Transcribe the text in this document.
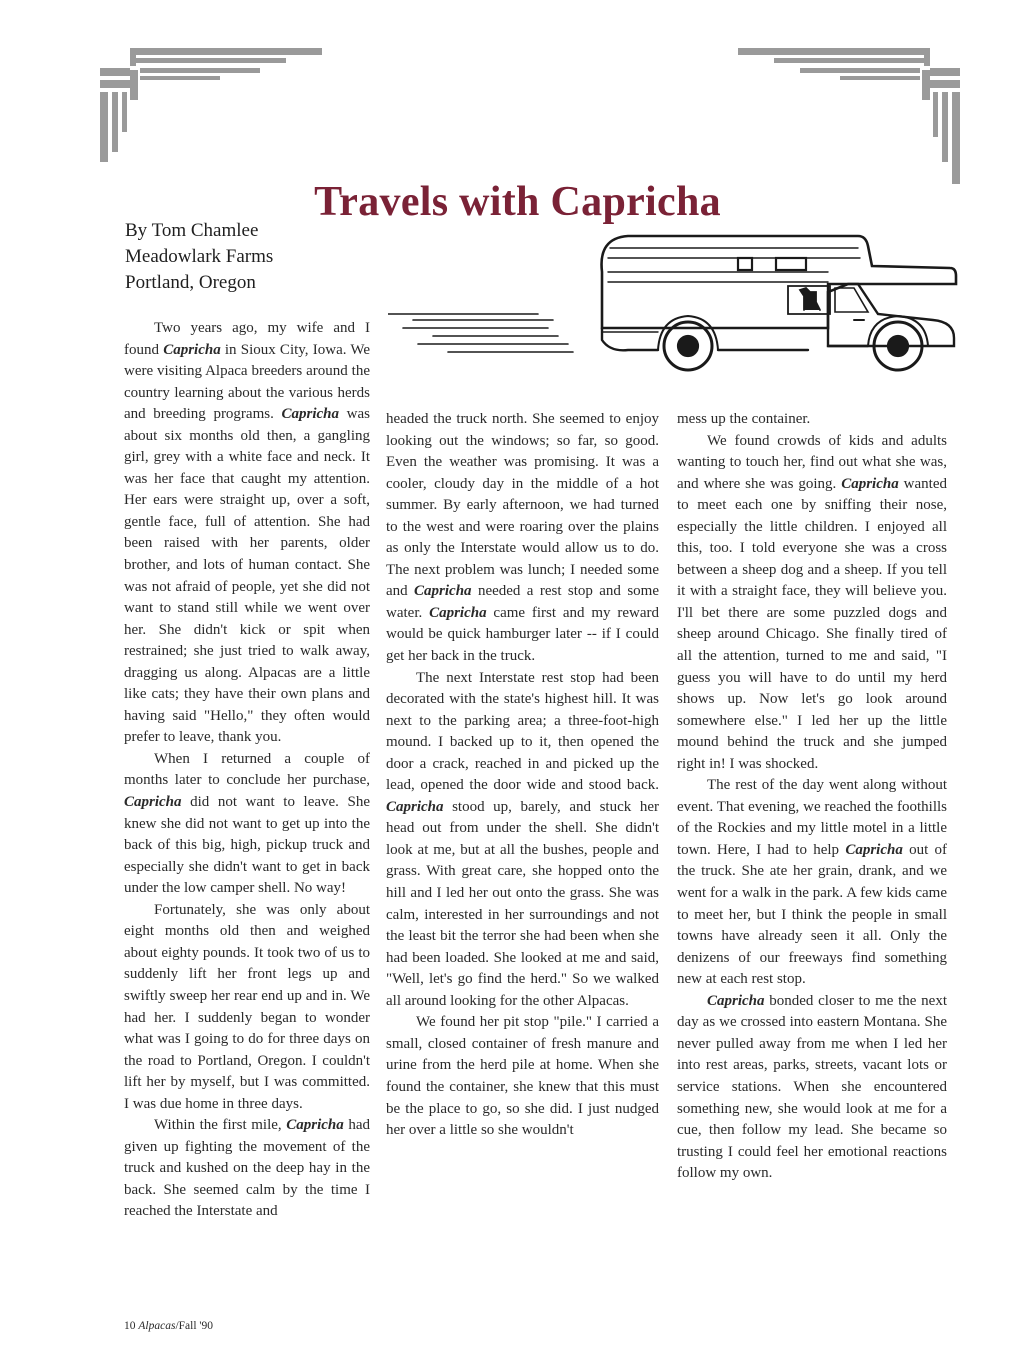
Travels with Capricha
By Tom Chamlee
Meadowlark Farms
Portland, Oregon

Two years ago, my wife and I found Capricha in Sioux City, Iowa. We were visiting Alpaca breeders around the country learning about the various herds and breeding programs. Capricha was about six months old then, a gangling girl, grey with a white face and neck. It was her face that caught my attention. Her ears were straight up, over a soft, gentle face, full of attention. She had been raised with her parents, older brother, and lots of human contact. She was not afraid of people, yet she did not want to stand still while we went over her. She didn't kick or spit when restrained; she just tried to walk away, dragging us along. Alpacas are a little like cats; they have their own plans and having said "Hello," they often would prefer to leave, thank you.

When I returned a couple of months later to conclude her purchase, Capricha did not want to leave. She knew she did not want to get up into the back of this big, high, pickup truck and especially she didn't want to get in back under the low camper shell. No way!

Fortunately, she was only about eight months old then and weighed about eighty pounds. It took two of us to suddenly lift her front legs up and swiftly sweep her rear end up and in. We had her. I suddenly began to wonder what was I going to do for three days on the road to Portland, Oregon. I couldn't lift her by myself, but I was committed. I was due home in three days.

Within the first mile, Capricha had given up fighting the movement of the truck and kushed on the deep hay in the back. She seemed calm by the time I reached the Interstate and

headed the truck north. She seemed to enjoy looking out the windows; so far, so good. Even the weather was promising. It was a cooler, cloudy day in the middle of a hot summer. By early afternoon, we had turned to the west and were roaring over the plains as only the Interstate would allow us to do. The next problem was lunch; I needed some and Capricha needed a rest stop and some water. Capricha came first and my reward would be quick hamburger later -- if I could get her back in the truck.

The next Interstate rest stop had been decorated with the state's highest hill. It was next to the parking area; a three-foot-high mound. I backed up to it, then opened the door a crack, reached in and picked up the lead, opened the door wide and stood back. Capricha stood up, barely, and stuck her head out from under the shell. She didn't look at me, but at all the bushes, people and grass. With great care, she hopped onto the hill and I led her out onto the grass. She was calm, interested in her surroundings and not the least bit the terror she had been when she had been loaded. She looked at me and said, "Well, let's go find the herd." So we walked all around looking for the other Alpacas.

We found her pit stop "pile." I carried a small, closed container of fresh manure and urine from the herd pile at home. When she found the container, she knew that this must be the place to go, so she did. I just nudged her over a little so she wouldn't

mess up the container.

We found crowds of kids and adults wanting to touch her, find out what she was, and where she was going. Capricha wanted to meet each one by sniffing their nose, especially the little children. I enjoyed all this, too. I told everyone she was a cross between a sheep dog and a sheep. If you tell it with a straight face, they will believe you. I'll bet there are some puzzled dogs and sheep around Chicago. She finally tired of all the attention, turned to me and said, "I guess you will have to do until my herd shows up. Now let's go look around somewhere else." I led her up the little mound behind the truck and she jumped right in! I was shocked.

The rest of the day went along without event. That evening, we reached the foothills of the Rockies and my little motel in a little town. Here, I had to help Capricha out of the truck. She ate her grain, drank, and we went for a walk in the park. A few kids came to meet her, but I think the people in small towns have already seen it all. Only the denizens of our freeways find something new at each rest stop.

Capricha bonded closer to me the next day as we crossed into eastern Montana. She never pulled away from me when I led her into rest areas, parks, streets, vacant lots or service stations. When she encountered something new, she would look at me for a cue, then follow my lead. She became so trusting I could feel her emotional reactions follow my own.

10 Alpacas/Fall '90
